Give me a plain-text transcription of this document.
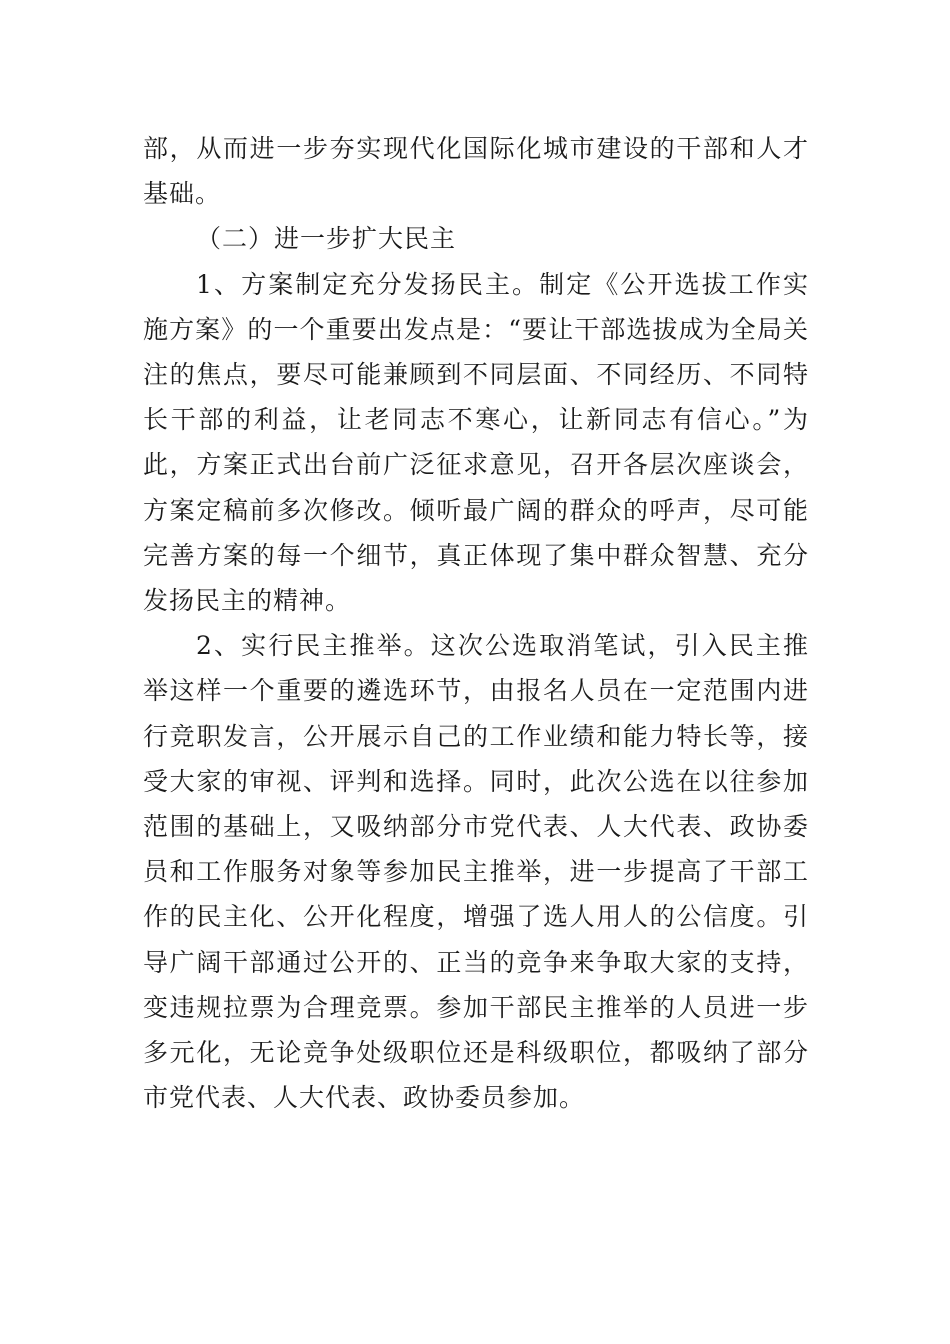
部，从而进一步夯实现代化国际化城市建设的干部和人才基础。

（二）进一步扩大民主

1、方案制定充分发扬民主。制定《公开选拔工作实施方案》的一个重要出发点是：“要让干部选拔成为全局关注的焦点，要尽可能兼顾到不同层面、不同经历、不同特长干部的利益，让老同志不寒心，让新同志有信心。”为此，方案正式出台前广泛征求意见，召开各层次座谈会，方案定稿前多次修改。倾听最广阔的群众的呼声，尽可能完善方案的每一个细节，真正体现了集中群众智慧、充分发扬民主的精神。

2、实行民主推举。这次公选取消笔试，引入民主推举这样一个重要的遴选环节，由报名人员在一定范围内进行竞职发言，公开展示自己的工作业绩和能力特长等，接受大家的审视、评判和选择。同时，此次公选在以往参加范围的基础上，又吸纳部分市党代表、人大代表、政协委员和工作服务对象等参加民主推举，进一步提高了干部工作的民主化、公开化程度，增强了选人用人的公信度。引导广阔干部通过公开的、正当的竞争来争取大家的支持，变违规拉票为合理竞票。参加干部民主推举的人员进一步多元化，无论竞争处级职位还是科级职位，都吸纳了部分市党代表、人大代表、政协委员参加。
